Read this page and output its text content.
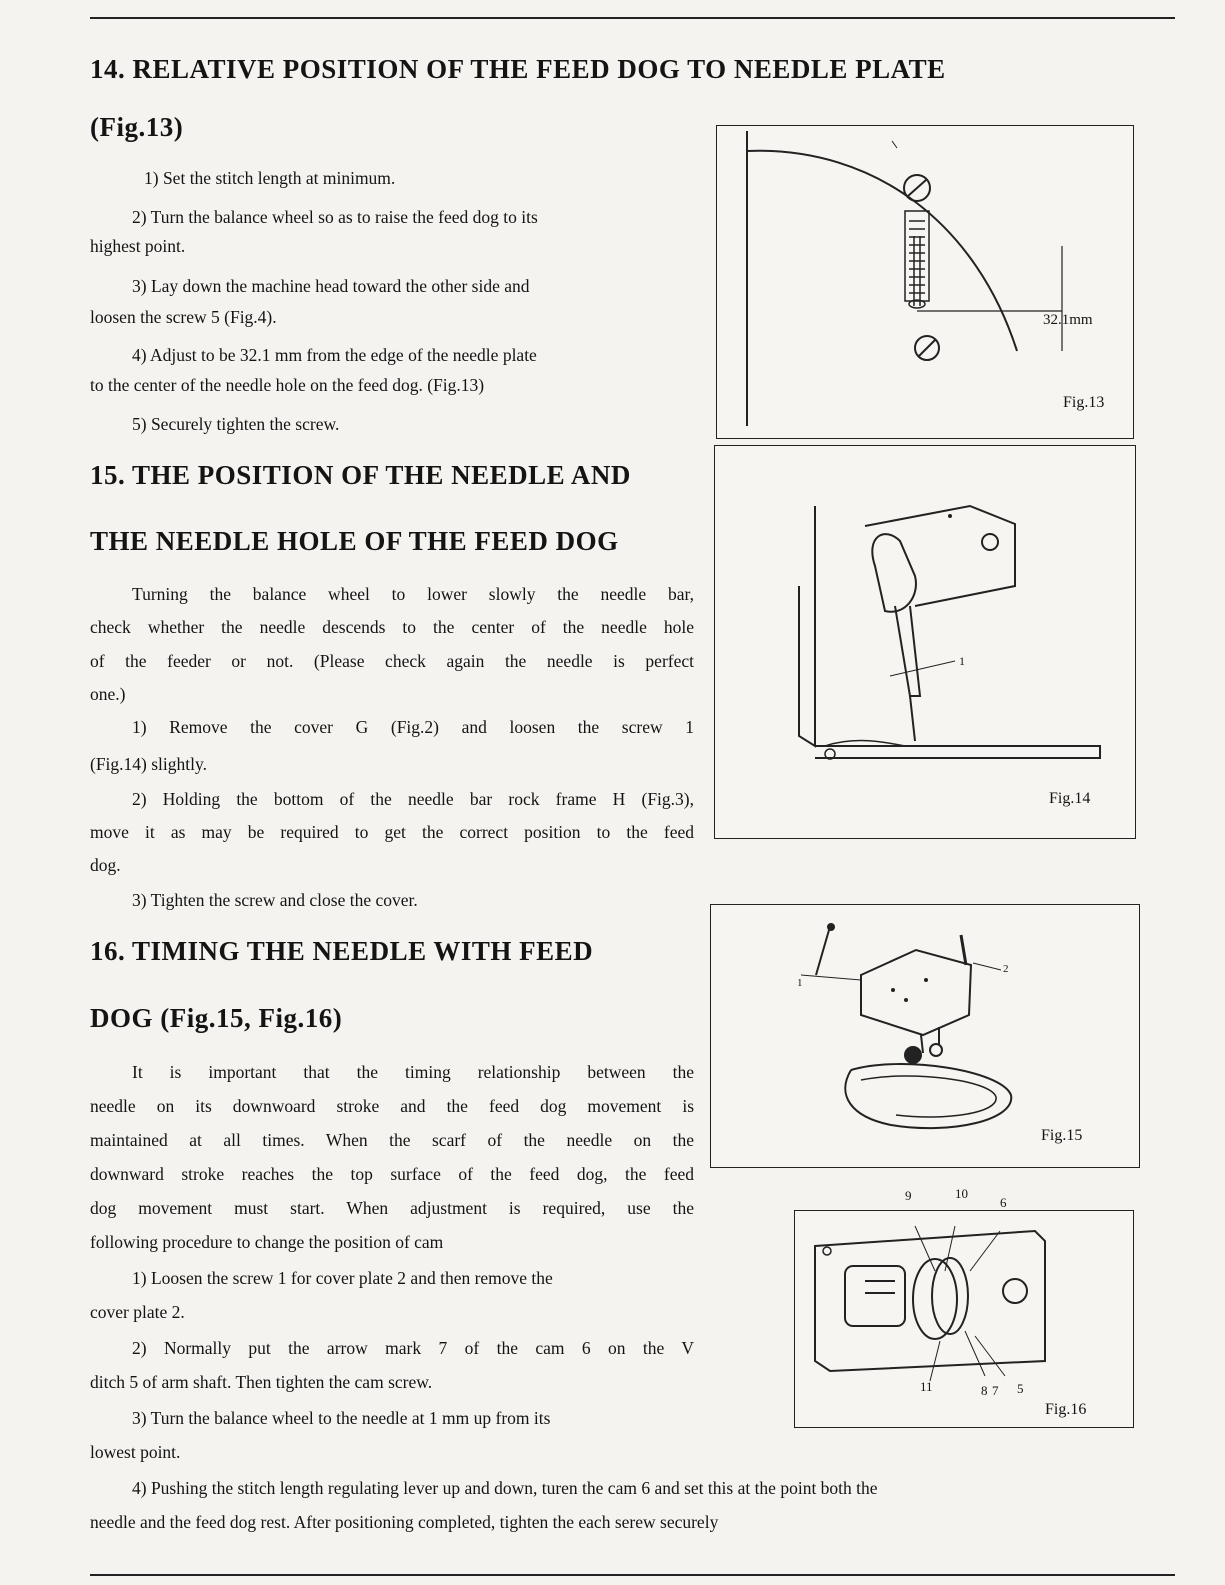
14. RELATIVE POSITION OF THE FEED DOG TO NEEDLE PLATE
(Fig.13)
1) Set the stitch length at minimum.
2) Turn the balance wheel so as to raise the feed dog to its
highest point.
3) Lay down the machine head toward the other side and
loosen the screw 5 (Fig.4).
4) Adjust to be 32.1 mm from the edge of the needle plate
to the center of the needle hole on the feed dog. (Fig.13)
5) Securely tighten the screw.
15. THE POSITION OF THE NEEDLE AND
THE NEEDLE HOLE OF THE FEED DOG
Turning the balance wheel to lower slowly the needle bar,
check whether the needle descends to the center of the needle hole
of the feeder or not. (Please check again the needle is perfect
one.)
1) Remove the cover G (Fig.2) and loosen the screw 1
(Fig.14) slightly.
2) Holding the bottom of the needle bar rock frame H (Fig.3),
move it as may be required to get the correct position to the feed
dog.
3) Tighten the screw and close the cover.
16. TIMING THE NEEDLE WITH FEED
DOG (Fig.15, Fig.16)
It is important that the timing relationship between the
needle on its downwoard stroke and the feed dog movement is
maintained at all times. When the scarf of the needle on the
downward stroke reaches the top surface of the feed dog, the feed
dog movement must start. When adjustment is required, use the
following procedure to change the position of cam
1) Loosen the screw 1 for cover plate 2 and then remove the
cover plate 2.
2) Normally put the arrow mark 7 of the cam 6 on the V
ditch 5 of arm shaft. Then tighten the cam screw.
3) Turn the balance wheel to the needle at 1 mm up from its
lowest point.
4) Pushing the stitch length regulating lever up and down, turen the cam 6 and set this at the point both the
needle and the feed dog rest. After positioning completed, tighten the each serew securely
32.1mm
Fig.13
1
Fig.14
1
2
Fig.15
9	10
6
11	8 7 5
Fig.16
